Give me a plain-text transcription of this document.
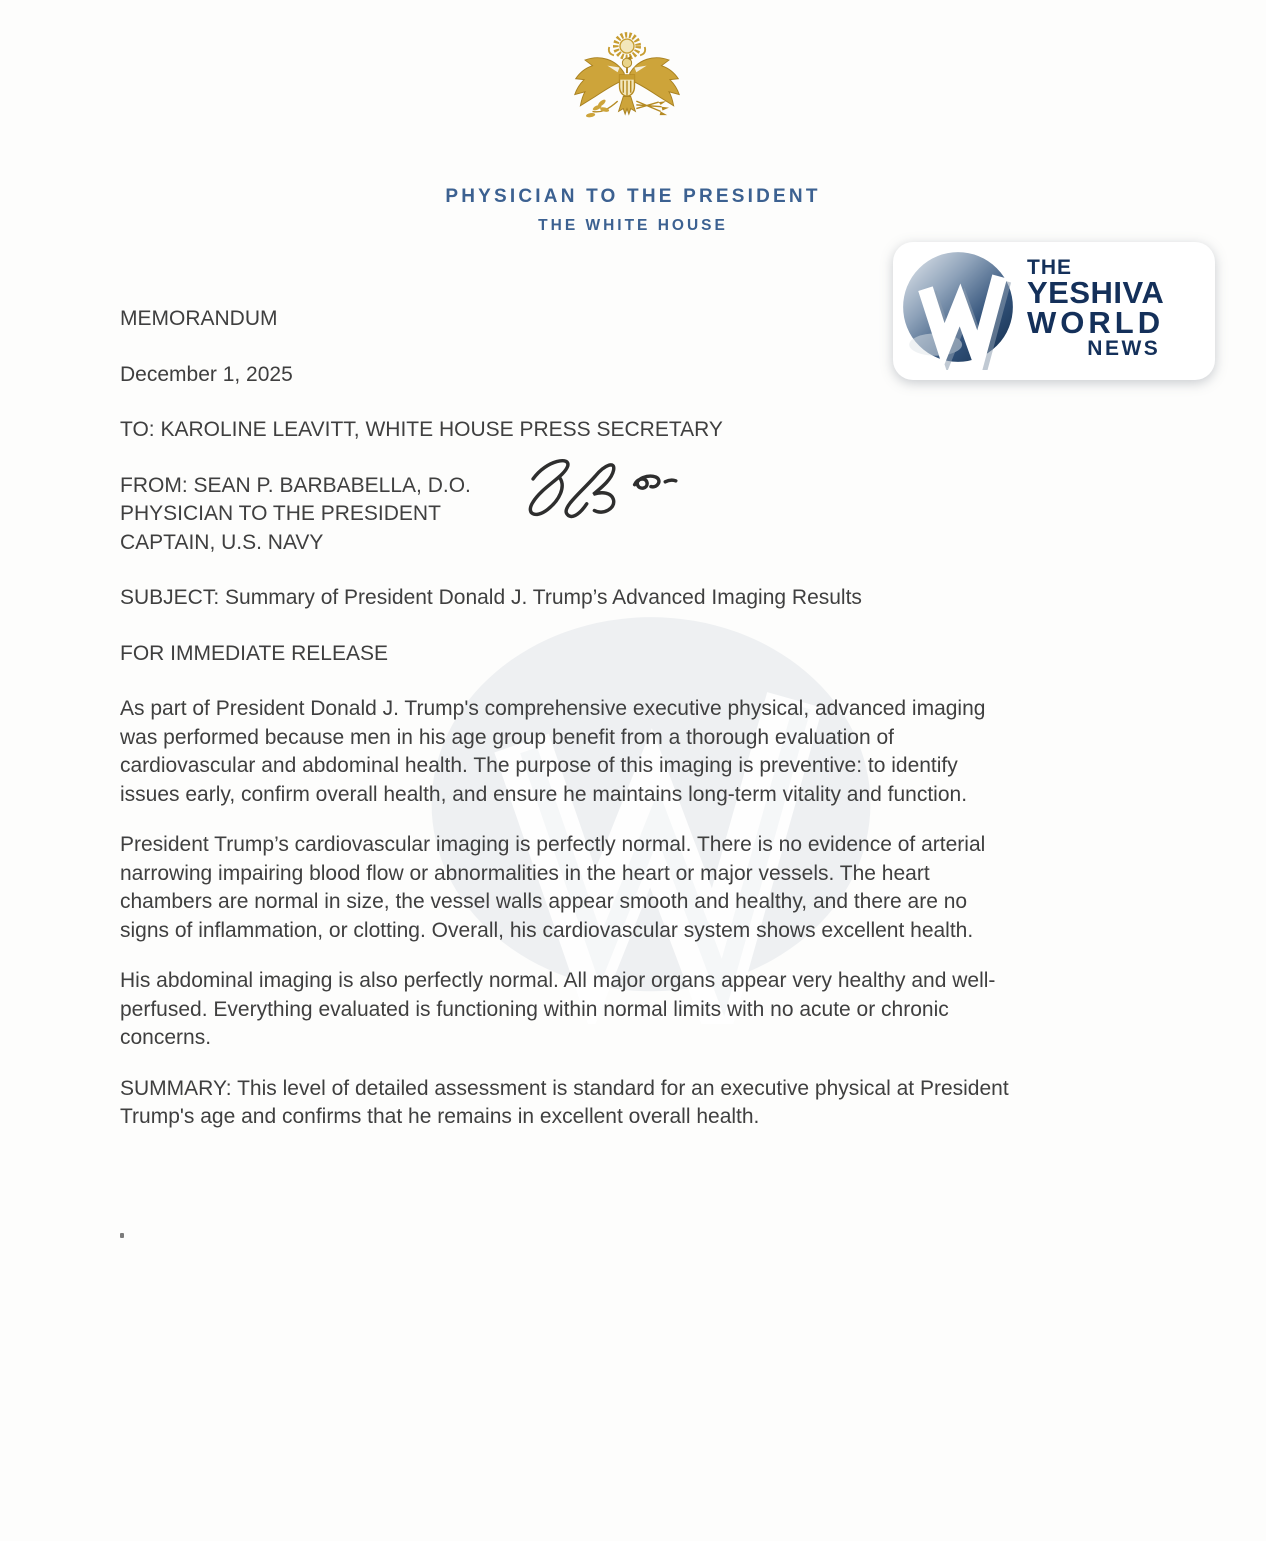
PHYSICIAN TO THE PRESIDENT
THE WHITE HOUSE
THE
YESHIVA
WORLD
NEWS
MEMORANDUM
December 1, 2025
TO: KAROLINE LEAVITT, WHITE HOUSE PRESS SECRETARY
FROM: SEAN P. BARBABELLA, D.O.
PHYSICIAN TO THE PRESIDENT
CAPTAIN, U.S. NAVY
SUBJECT: Summary of President Donald J. Trump’s Advanced Imaging Results
FOR IMMEDIATE RELEASE

As part of President Donald J. Trump's comprehensive executive physical, advanced imaging
was performed because men in his age group benefit from a thorough evaluation of
cardiovascular and abdominal health. The purpose of this imaging is preventive: to identify
issues early, confirm overall health, and ensure he maintains long-term vitality and function.

President Trump’s cardiovascular imaging is perfectly normal. There is no evidence of arterial
narrowing impairing blood flow or abnormalities in the heart or major vessels. The heart
chambers are normal in size, the vessel walls appear smooth and healthy, and there are no
signs of inflammation, or clotting. Overall, his cardiovascular system shows excellent health.

His abdominal imaging is also perfectly normal. All major organs appear very healthy and well-
perfused. Everything evaluated is functioning within normal limits with no acute or chronic
concerns.

SUMMARY: This level of detailed assessment is standard for an executive physical at President
Trump's age and confirms that he remains in excellent overall health.
